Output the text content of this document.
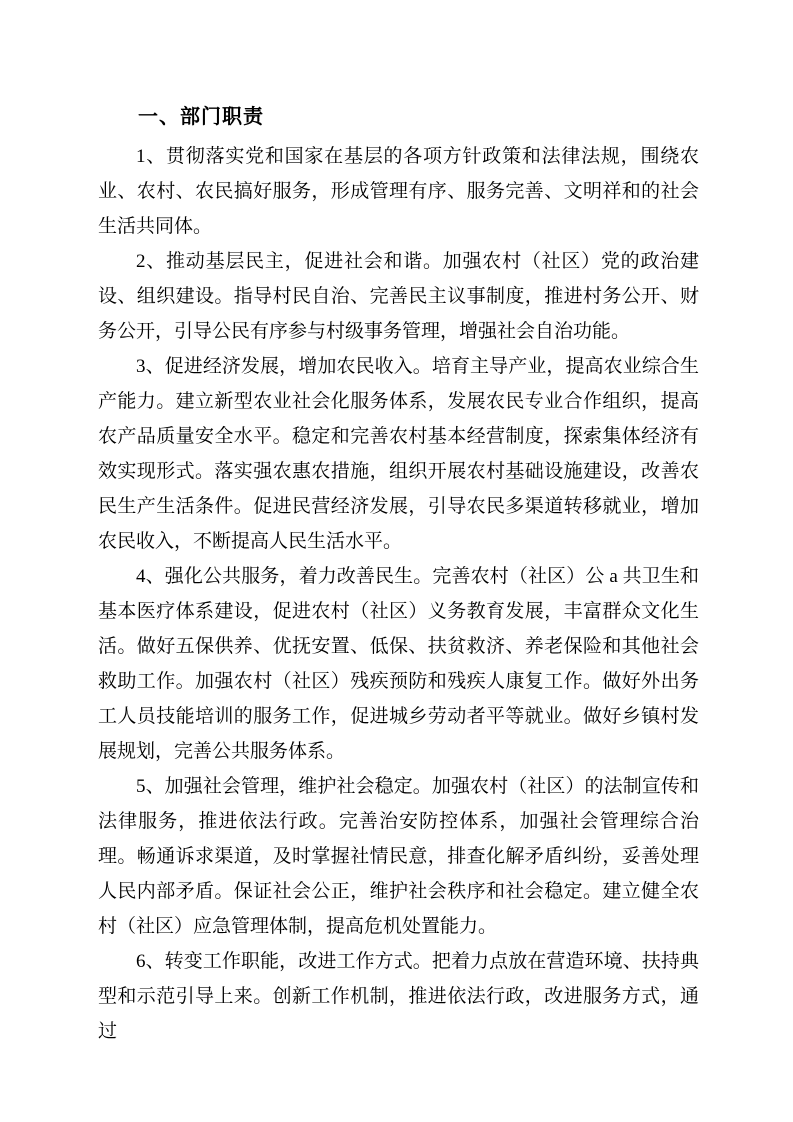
一、部门职责

1、贯彻落实党和国家在基层的各项方针政策和法律法规，围绕农业、农村、农民搞好服务，形成管理有序、服务完善、文明祥和的社会生活共同体。

2、推动基层民主，促进社会和谐。加强农村（社区）党的政治建设、组织建设。指导村民自治、完善民主议事制度，推进村务公开、财务公开，引导公民有序参与村级事务管理，增强社会自治功能。

3、促进经济发展，增加农民收入。培育主导产业，提高农业综合生产能力。建立新型农业社会化服务体系，发展农民专业合作组织，提高农产品质量安全水平。稳定和完善农村基本经营制度，探索集体经济有效实现形式。落实强农惠农措施，组织开展农村基础设施建设，改善农民生产生活条件。促进民营经济发展，引导农民多渠道转移就业，增加农民收入，不断提高人民生活水平。

4、强化公共服务，着力改善民生。完善农村（社区）公 a 共卫生和基本医疗体系建设，促进农村（社区）义务教育发展，丰富群众文化生活。做好五保供养、优抚安置、低保、扶贫救济、养老保险和其他社会救助工作。加强农村（社区）残疾预防和残疾人康复工作。做好外出务工人员技能培训的服务工作，促进城乡劳动者平等就业。做好乡镇村发展规划，完善公共服务体系。

5、加强社会管理，维护社会稳定。加强农村（社区）的法制宣传和法律服务，推进依法行政。完善治安防控体系，加强社会管理综合治理。畅通诉求渠道，及时掌握社情民意，排查化解矛盾纠纷，妥善处理人民内部矛盾。保证社会公正，维护社会秩序和社会稳定。建立健全农村（社区）应急管理体制，提高危机处置能力。

6、转变工作职能，改进工作方式。把着力点放在营造环境、扶持典型和示范引导上来。创新工作机制，推进依法行政，改进服务方式，通过
